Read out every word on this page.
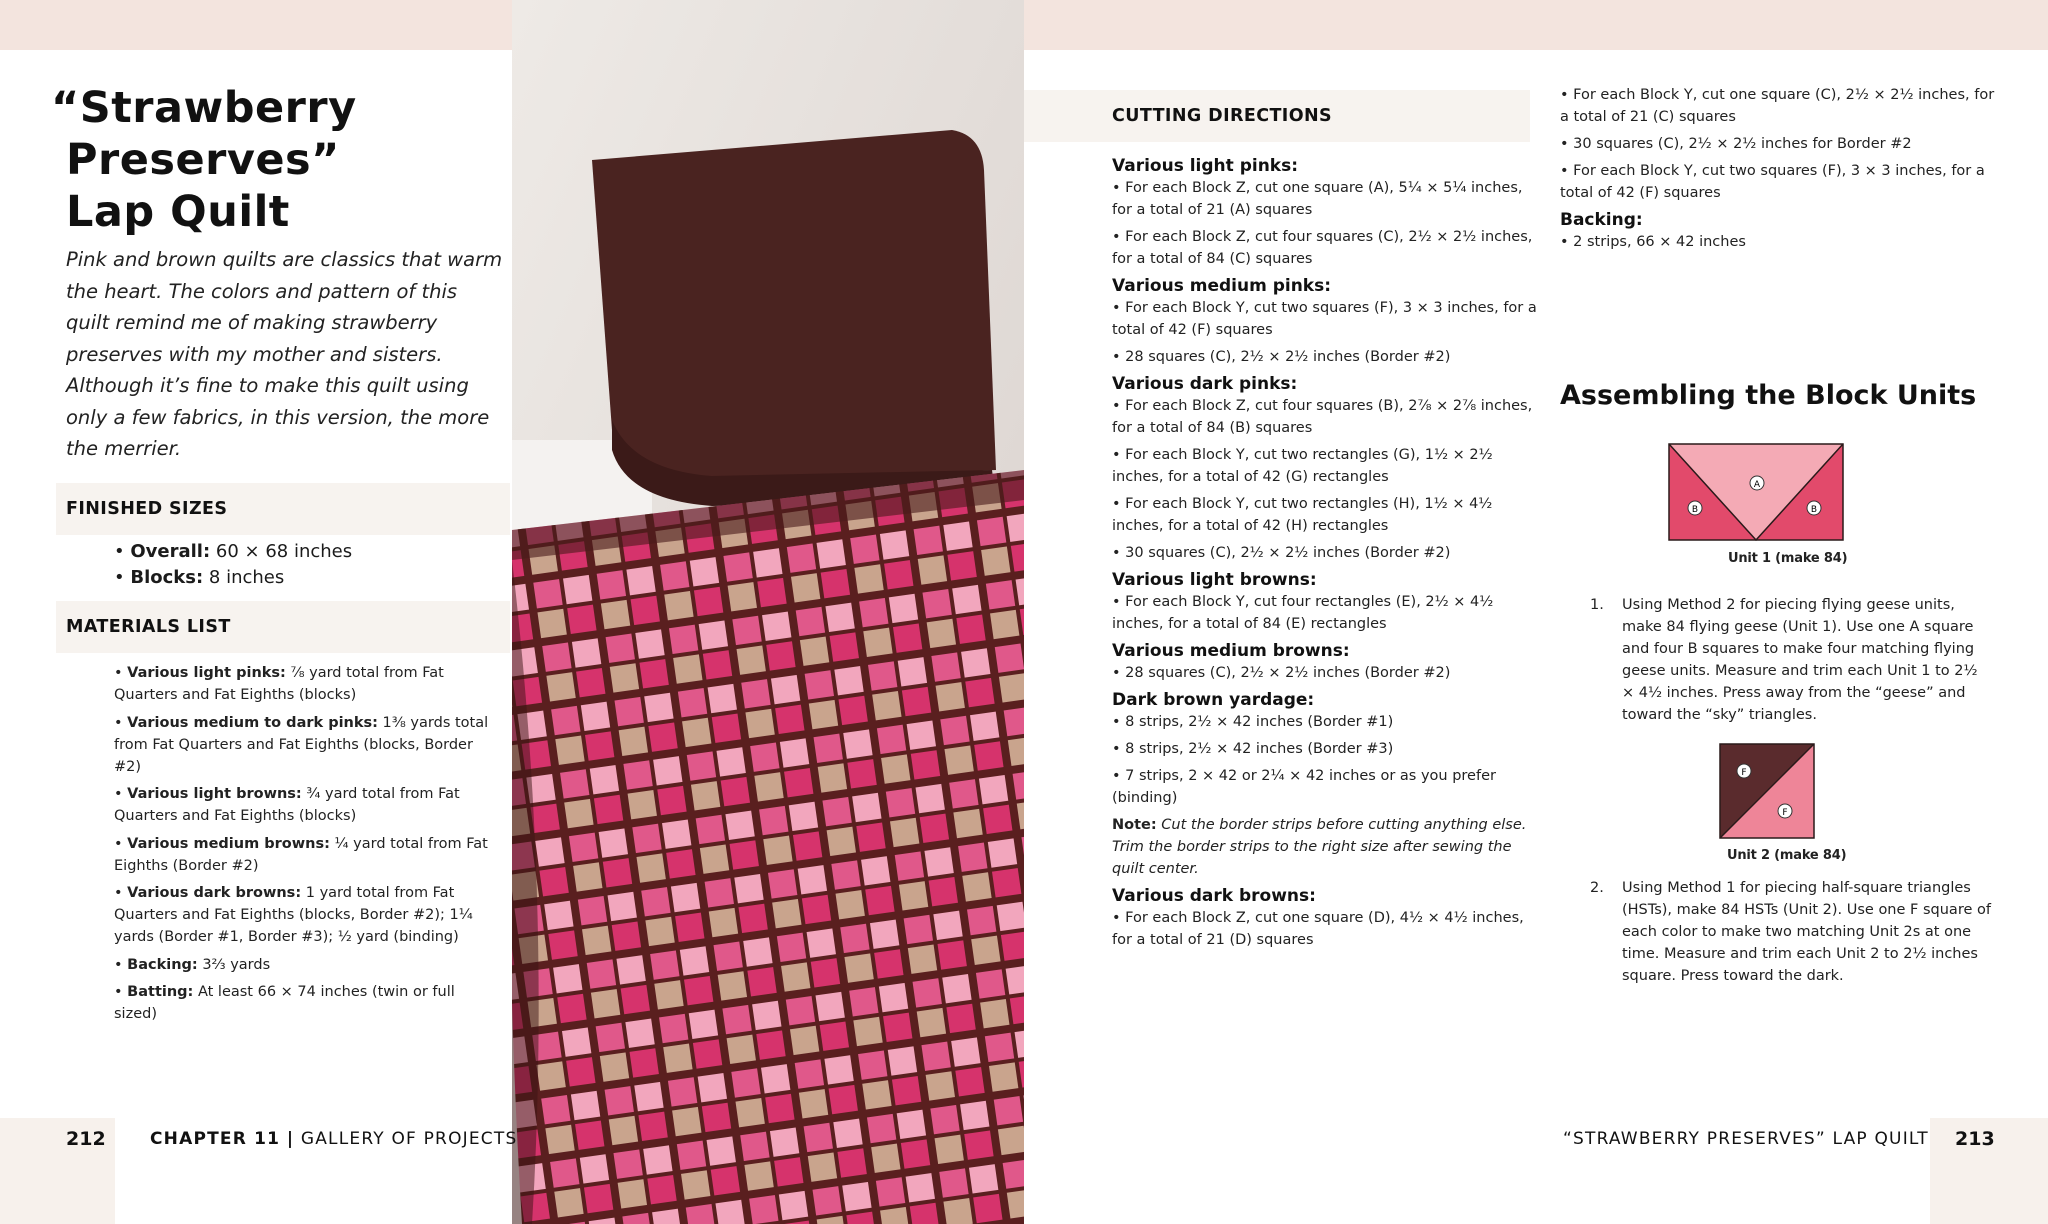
“Strawberry
Preserves”
Lap Quilt

Pink and brown quilts are classics that warm the heart. The colors and pattern of this quilt remind me of making strawberry preserves with my mother and sisters. Although it’s fine to make this quilt using only a few fabrics, in this version, the more the merrier.

FINISHED SIZES
• Overall: 60 × 68 inches
• Blocks: 8 inches
MATERIALS LIST
• Various light pinks: ⅞ yard total from Fat Quarters and Fat Eighths (blocks)
• Various medium to dark pinks: 1⅜ yards total from Fat Quarters and Fat Eighths (blocks, Border #2)
• Various light browns: ¾ yard total from Fat Quarters and Fat Eighths (blocks)
• Various medium browns: ¼ yard total from Fat Eighths (Border #2)
• Various dark browns: 1 yard total from Fat Quarters and Fat Eighths (blocks, Border #2); 1¼ yards (Border #1, Border #3); ½ yard (binding)
• Backing: 3⅔ yards
• Batting: At least 66 × 74 inches (twin or full sized)
212	CHAPTER 11 | GALLERY OF PROJECTS
CUTTING DIRECTIONS
Various light pinks:
• For each Block Z, cut one square (A), 5¼ × 5¼ inches, for a total of 21 (A) squares
• For each Block Z, cut four squares (C), 2½ × 2½ inches, for a total of 84 (C) squares
Various medium pinks:
• For each Block Y, cut two squares (F), 3 × 3 inches, for a total of 42 (F) squares
• 28 squares (C), 2½ × 2½ inches (Border #2)
Various dark pinks:
• For each Block Z, cut four squares (B), 2⅞ × 2⅞ inches, for a total of 84 (B) squares
• For each Block Y, cut two rectangles (G), 1½ × 2½ inches, for a total of 42 (G) rectangles
• For each Block Y, cut two rectangles (H), 1½ × 4½ inches, for a total of 42 (H) rectangles
• 30 squares (C), 2½ × 2½ inches (Border #2)
Various light browns:
• For each Block Y, cut four rectangles (E), 2½ × 4½ inches, for a total of 84 (E) rectangles
Various medium browns:
• 28 squares (C), 2½ × 2½ inches (Border #2)
Dark brown yardage:
• 8 strips, 2½ × 42 inches (Border #1)
• 8 strips, 2½ × 42 inches (Border #3)
• 7 strips, 2 × 42 or 2¼ × 42 inches or as you prefer (binding)
Note: Cut the border strips before cutting anything else. Trim the border strips to the right size after sewing the quilt center.
Various dark browns:
• For each Block Z, cut one square (D), 4½ × 4½ inches, for a total of 21 (D) squares
• For each Block Y, cut one square (C), 2½ × 2½ inches, for a total of 21 (C) squares
• 30 squares (C), 2½ × 2½ inches for Border #2
• For each Block Y, cut two squares (F), 3 × 3 inches, for a total of 42 (F) squares
Backing:
• 2 strips, 66 × 42 inches
Assembling the Block Units
A
B	B
Unit 1 (make 84)
1. Using Method 2 for piecing flying geese units, make 84 flying geese (Unit 1). Use one A square and four B squares to make four matching flying geese units. Measure and trim each Unit 1 to 2½ × 4½ inches. Press away from the “geese” and toward the “sky” triangles.
F
F
Unit 2 (make 84)
2. Using Method 1 for piecing half-square triangles (HSTs), make 84 HSTs (Unit 2). Use one F square of each color to make two matching Unit 2s at one time. Measure and trim each Unit 2 to 2½ inches square. Press toward the dark.
“STRAWBERRY PRESERVES” LAP QUILT 213
